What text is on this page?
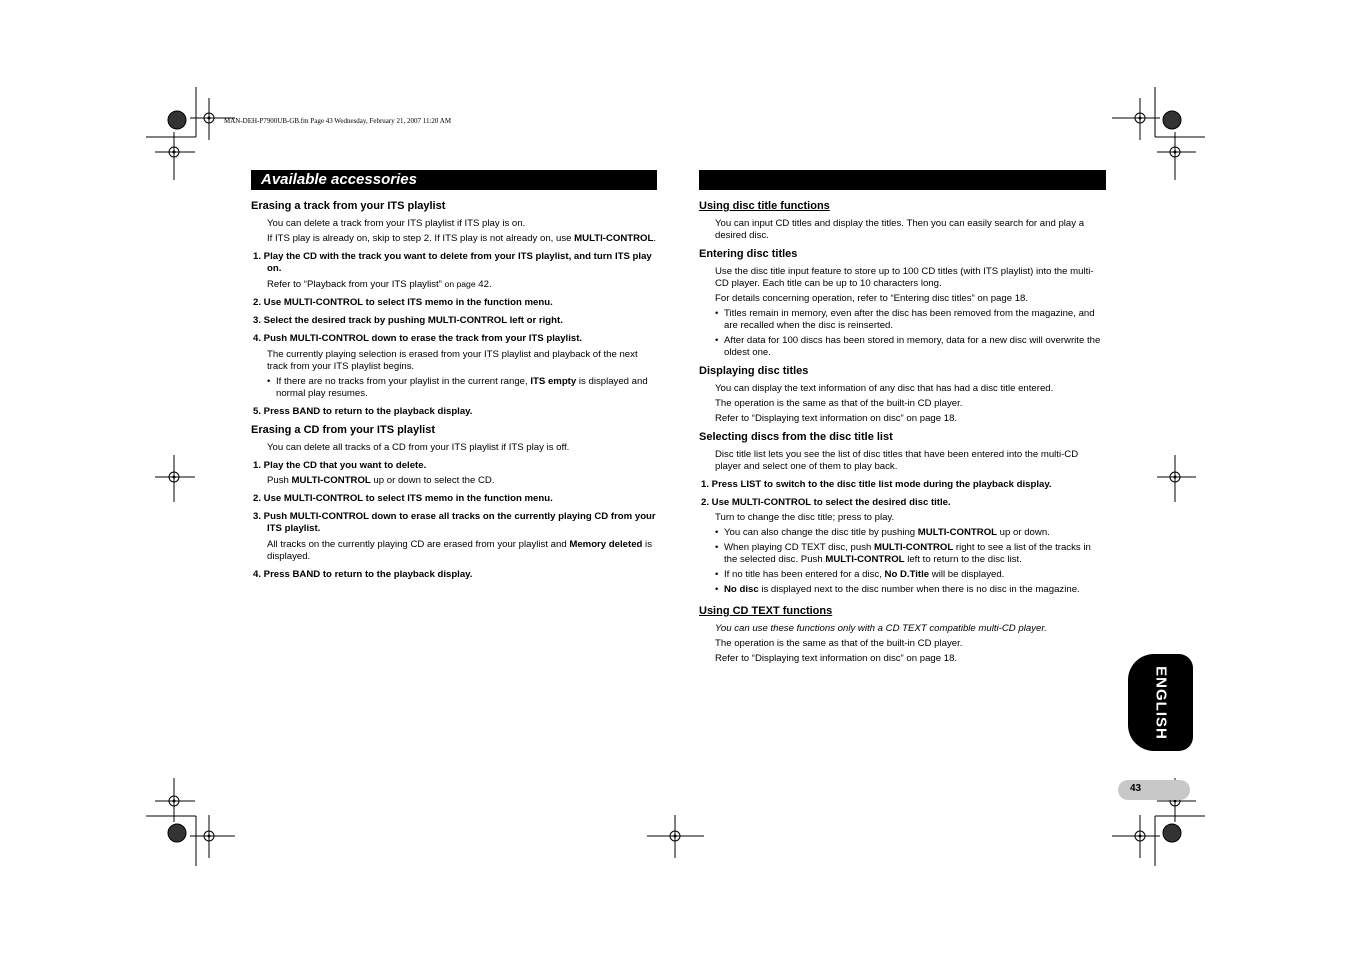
MAN-DEH-P7900UB-GB.fm Page 43 Wednesday, February 21, 2007 11:20 AM
Available accessories

Erasing a track from your ITS playlist

You can delete a track from your ITS playlist if ITS play is on.

If ITS play is already on, skip to step 2. If ITS play is not already on, use MULTI-CONTROL.

1. Play the CD with the track you want to delete from your ITS playlist, and turn ITS play on.

Refer to “Playback from your ITS playlist” on page 42.

2. Use MULTI-CONTROL to select ITS memo in the function menu.

3. Select the desired track by pushing MULTI-CONTROL left or right.

4. Push MULTI-CONTROL down to erase the track from your ITS playlist.

The currently playing selection is erased from your ITS playlist and playback of the next track from your ITS playlist begins.

• If there are no tracks from your playlist in the current range, ITS empty is displayed and normal play resumes.

5. Press BAND to return to the playback display.

Erasing a CD from your ITS playlist

You can delete all tracks of a CD from your ITS playlist if ITS play is off.

1. Play the CD that you want to delete.

Push MULTI-CONTROL up or down to select the CD.

2. Use MULTI-CONTROL to select ITS memo in the function menu.

3. Push MULTI-CONTROL down to erase all tracks on the currently playing CD from your ITS playlist.

All tracks on the currently playing CD are erased from your playlist and Memory deleted is displayed.

4. Press BAND to return to the playback display.

Using disc title functions

You can input CD titles and display the titles. Then you can easily search for and play a desired disc.

Entering disc titles

Use the disc title input feature to store up to 100 CD titles (with ITS playlist) into the multi-CD player. Each title can be up to 10 characters long.

For details concerning operation, refer to “Entering disc titles” on page 18.

• Titles remain in memory, even after the disc has been removed from the magazine, and are recalled when the disc is reinserted.

• After data for 100 discs has been stored in memory, data for a new disc will overwrite the oldest one.

Displaying disc titles

You can display the text information of any disc that has had a disc title entered.

The operation is the same as that of the built-in CD player.

Refer to “Displaying text information on disc” on page 18.

Selecting discs from the disc title list

Disc title list lets you see the list of disc titles that have been entered into the multi-CD player and select one of them to play back.

1. Press LIST to switch to the disc title list mode during the playback display.

2. Use MULTI-CONTROL to select the desired disc title.

Turn to change the disc title; press to play.

• You can also change the disc title by pushing MULTI-CONTROL up or down.

• When playing CD TEXT disc, push MULTI-CONTROL right to see a list of the tracks in the selected disc. Push MULTI-CONTROL left to return to the disc list.

• If no title has been entered for a disc, No D.Title will be displayed.

• No disc is displayed next to the disc number when there is no disc in the magazine.

Using CD TEXT functions

You can use these functions only with a CD TEXT compatible multi-CD player.

The operation is the same as that of the built-in CD player.

Refer to “Displaying text information on disc” on page 18.

ENGLISH
43
